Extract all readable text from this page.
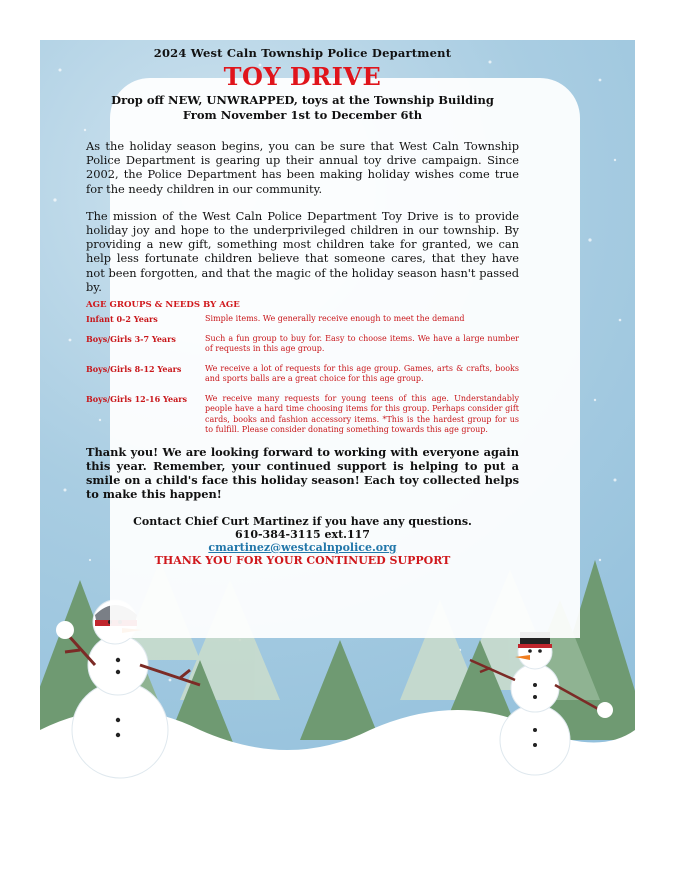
2024 West Caln Township Police Department

TOY DRIVE

Drop off NEW, UNWRAPPED, toys at the Township Building

From November 1st to December 6th

As the holiday season begins, you can be sure that West Caln Township Police Department is gearing up their annual toy drive campaign. Since 2002, the Police Department has been making holiday wishes come true for the needy children in our community.

The mission of the West Caln Police Department Toy Drive is to provide holiday joy and hope to the underprivileged children in our township. By providing a new gift, something most children take for granted, we can help less fortunate children believe that someone cares, that they have not been forgotten, and that the magic of the holiday season hasn't passed by.

AGE GROUPS & NEEDS BY AGE
Infant 0-2 Years	Simple items. We generally receive enough to meet the demand
Boys/Girls 3-7 Years	Such a fun group to buy for. Easy to choose items. We have a large number of requests in this age group.
Boys/Girls 8-12 Years	We receive a lot of requests for this age group. Games, arts & crafts, books and sports balls are a great choice for this age group.
Boys/Girls 12-16 Years	We receive many requests for young teens of this age. Understandably people have a hard time choosing items for this group. Perhaps consider gift cards, books and fashion accessory items. *This is the hardest group for us to fulfill. Please consider donating something towards this age group.

Thank you! We are looking forward to working with everyone again this year. Remember, your continued support is helping to put a smile on a child's face this holiday season! Each toy collected helps to make this happen!

Contact Chief Curt Martinez if you have any questions.
610-384-3115 ext.117
cmartinez@westcalnpolice.org
THANK YOU FOR YOUR CONTINUED SUPPORT
